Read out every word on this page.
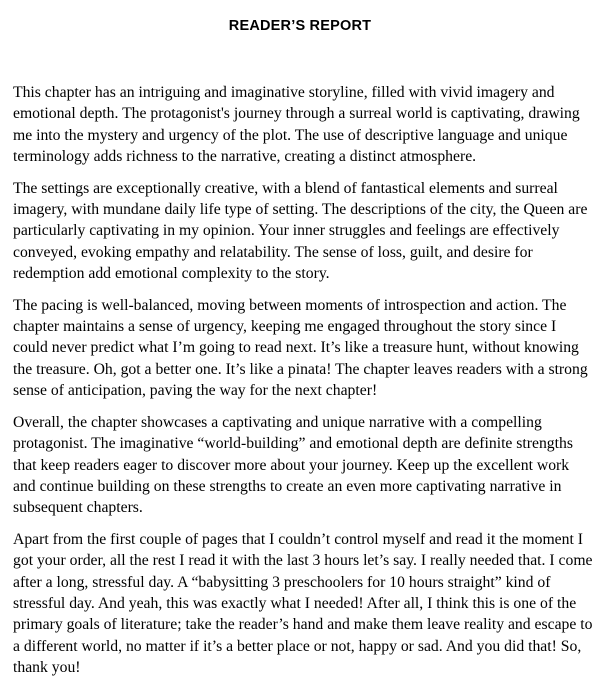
READER’S REPORT

This chapter has an intriguing and imaginative storyline, filled with vivid imagery and emotional depth. The protagonist's journey through a surreal world is captivating, drawing me into the mystery and urgency of the plot. The use of descriptive language and unique terminology adds richness to the narrative, creating a distinct atmosphere.

The settings are exceptionally creative, with a blend of fantastical elements and surreal imagery, with mundane daily life type of setting. The descriptions of the city, the Queen are particularly captivating in my opinion. Your inner struggles and feelings are effectively conveyed, evoking empathy and relatability. The sense of loss, guilt, and desire for redemption add emotional complexity to the story.

The pacing is well-balanced, moving between moments of introspection and action. The chapter maintains a sense of urgency, keeping me engaged throughout the story since I could never predict what I’m going to read next. It’s like a treasure hunt, without knowing the treasure. Oh, got a better one. It’s like a pinata! The chapter leaves readers with a strong sense of anticipation, paving the way for the next chapter!

Overall, the chapter showcases a captivating and unique narrative with a compelling protagonist. The imaginative “world-building” and emotional depth are definite strengths that keep readers eager to discover more about your journey. Keep up the excellent work and continue building on these strengths to create an even more captivating narrative in subsequent chapters.

Apart from the first couple of pages that I couldn’t control myself and read it the moment I got your order, all the rest I read it with the last 3 hours let’s say. I really needed that. I come after a long, stressful day. A “babysitting 3 preschoolers for 10 hours straight” kind of stressful day. And yeah, this was exactly what I needed! After all, I think this is one of the primary goals of literature; take the reader’s hand and make them leave reality and escape to a different world, no matter if it’s a better place or not, happy or sad. And you did that! So, thank you!
